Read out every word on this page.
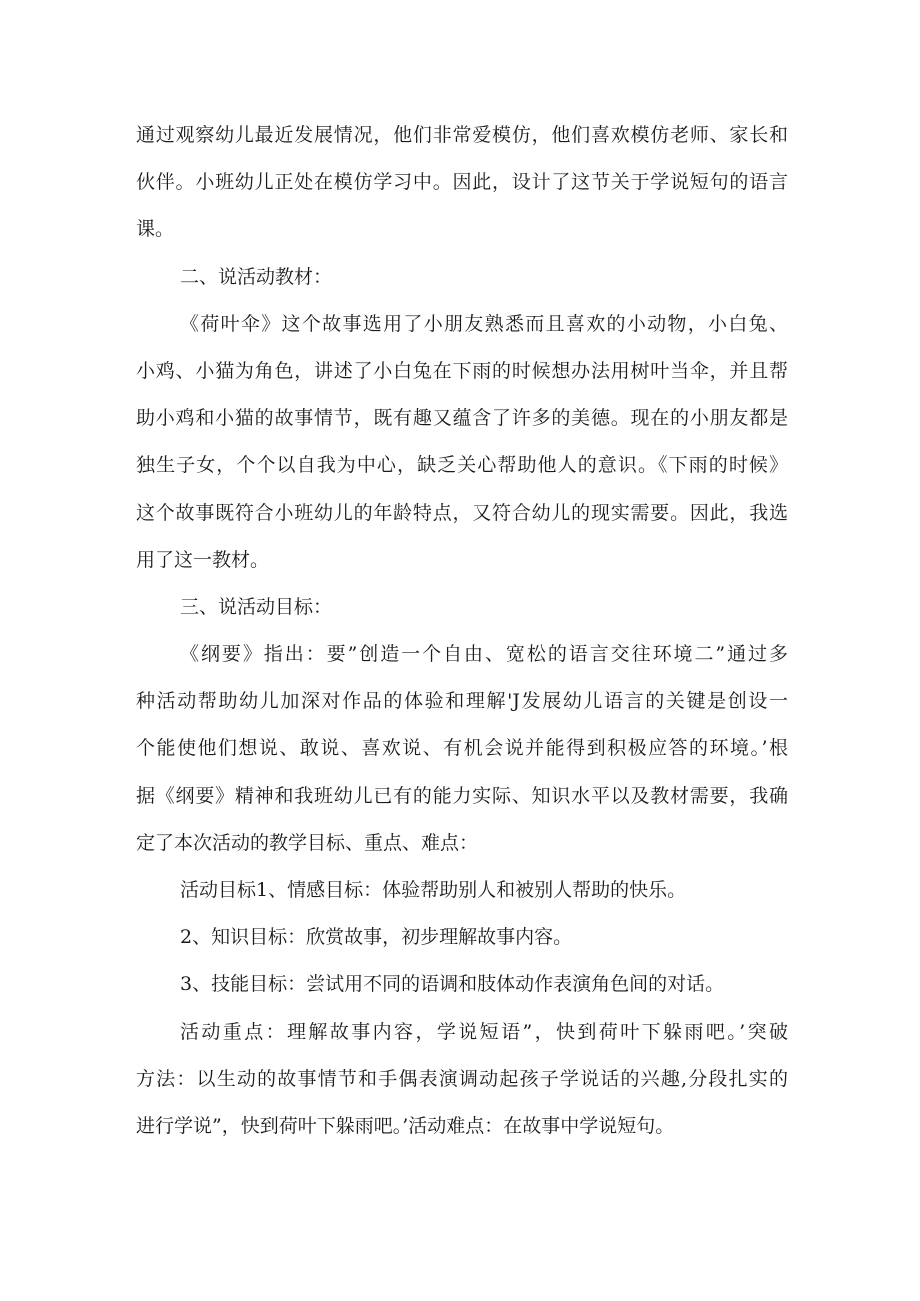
通过观察幼儿最近发展情况，他们非常爱模仿，他们喜欢模仿老师、家长和
伙伴。小班幼儿正处在模仿学习中。因此，设计了这节关于学说短句的语言
课。
二、说活动教材：
《荷叶伞》这个故事选用了小朋友熟悉而且喜欢的小动物，小白兔、
小鸡、小猫为角色，讲述了小白兔在下雨的时候想办法用树叶当伞，并且帮
助小鸡和小猫的故事情节，既有趣又蕴含了许多的美德。现在的小朋友都是
独生子女，个个以自我为中心，缺乏关心帮助他人的意识。《下雨的时候》
这个故事既符合小班幼儿的年龄特点，又符合幼儿的现实需要。因此，我选
用了这一教材。
三、说活动目标：
《纲要》指出：要”创造一个自由、宽松的语言交往环境二”通过多
种活动帮助幼儿加深对作品的体验和理解'J发展幼儿语言的关键是创设一
个能使他们想说、敢说、喜欢说、有机会说并能得到积极应答的环境。’根
据《纲要》精神和我班幼儿已有的能力实际、知识水平以及教材需要，我确
定了本次活动的教学目标、重点、难点：
活动目标1、情感目标：体验帮助别人和被别人帮助的快乐。
2、知识目标：欣赏故事，初步理解故事内容。
3、技能目标：尝试用不同的语调和肢体动作表演角色间的对话。
活动重点：理解故事内容，学说短语”，快到荷叶下躲雨吧。’突破
方法：以生动的故事情节和手偶表演调动起孩子学说话的兴趣,分段扎实的
进行学说”，快到荷叶下躲雨吧。’活动难点：在故事中学说短句。
